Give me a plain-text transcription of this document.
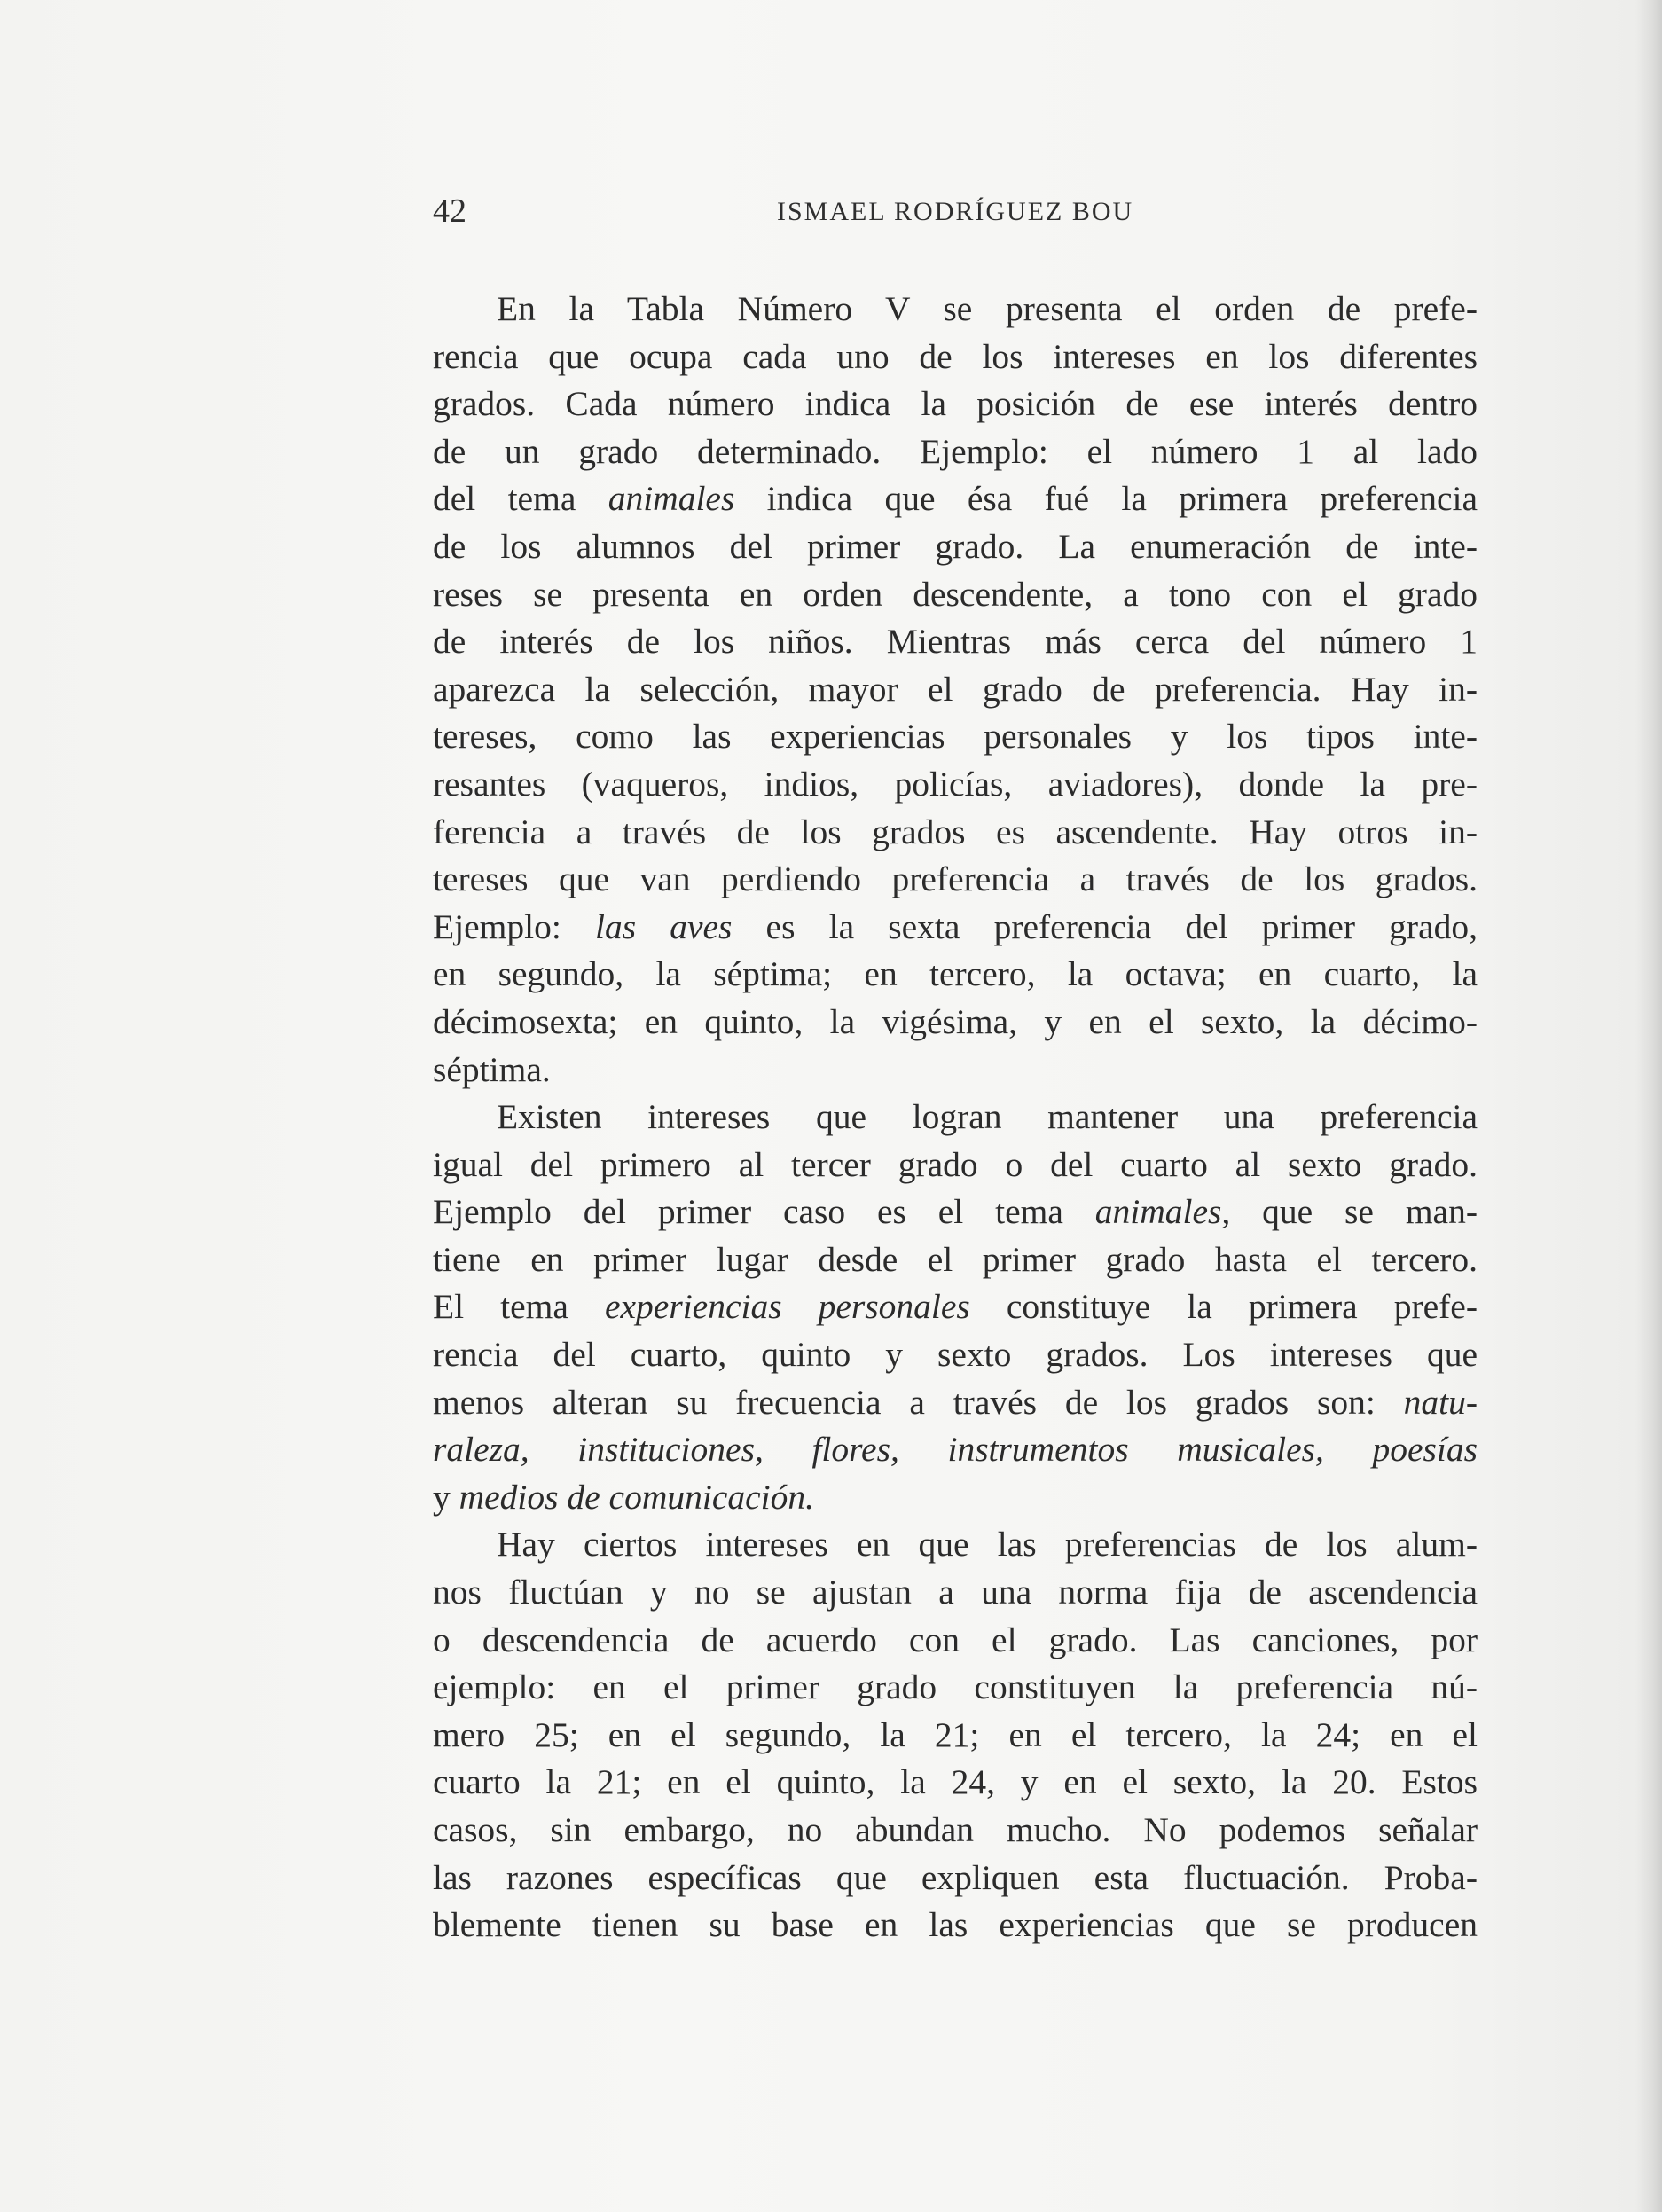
42	ISMAEL RODRÍGUEZ BOU
En la Tabla Número V se presenta el orden de prefe-
rencia que ocupa cada uno de los intereses en los diferentes
grados. Cada número indica la posición de ese interés dentro
de un grado determinado. Ejemplo: el número 1 al lado
del tema animales indica que ésa fué la primera preferencia
de los alumnos del primer grado. La enumeración de inte-
reses se presenta en orden descendente, a tono con el grado
de interés de los niños. Mientras más cerca del número 1
aparezca la selección, mayor el grado de preferencia. Hay in-
tereses, como las experiencias personales y los tipos inte-
resantes (vaqueros, indios, policías, aviadores), donde la pre-
ferencia a través de los grados es ascendente. Hay otros in-
tereses que van perdiendo preferencia a través de los grados.
Ejemplo: las aves es la sexta preferencia del primer grado,
en segundo, la séptima; en tercero, la octava; en cuarto, la
décimosexta; en quinto, la vigésima, y en el sexto, la décimo-
séptima.
Existen intereses que logran mantener una preferencia
igual del primero al tercer grado o del cuarto al sexto grado.
Ejemplo del primer caso es el tema animales, que se man-
tiene en primer lugar desde el primer grado hasta el tercero.
El tema experiencias personales constituye la primera prefe-
rencia del cuarto, quinto y sexto grados. Los intereses que
menos alteran su frecuencia a través de los grados son: natu-
raleza, instituciones, flores, instrumentos musicales, poesías
y medios de comunicación.
Hay ciertos intereses en que las preferencias de los alum-
nos fluctúan y no se ajustan a una norma fija de ascendencia
o descendencia de acuerdo con el grado. Las canciones, por
ejemplo: en el primer grado constituyen la preferencia nú-
mero 25; en el segundo, la 21; en el tercero, la 24; en el
cuarto la 21; en el quinto, la 24, y en el sexto, la 20. Estos
casos, sin embargo, no abundan mucho. No podemos señalar
las razones específicas que expliquen esta fluctuación. Proba-
blemente tienen su base en las experiencias que se producen
